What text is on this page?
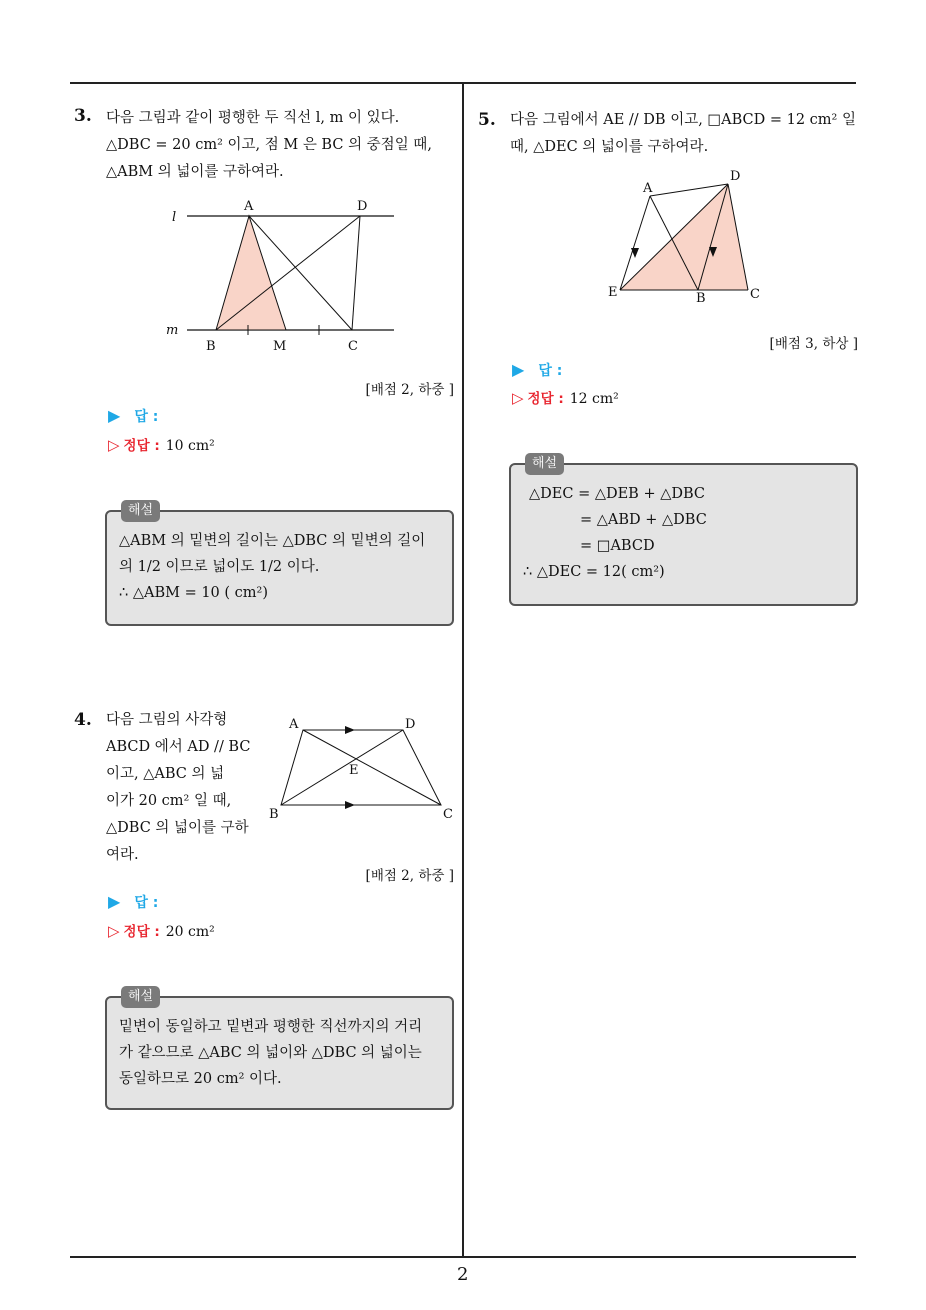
3. 다음 그림과 같이 평행한 두 직선 l, m 이 있다.

△DBC = 20 cm² 이고, 점 M 은 BC 의 중점일 때,

△ABM 의 넓이를 구하여라.

l
m
A	D
B	M	C
[배점 2, 하중 ]
▶ 답 :
▷ 정답 : 10 cm²
해설

△ABM 의 밑변의 길이는 △DBC 의 밑변의 길이

의 1/2 이므로 넓이도 1/2 이다.

∴ △ABM = 10 ( cm²)

4. 다음 그림의 사각형

ABCD 에서 AD // BC

이고, △ABC 의 넓

이가 20 cm² 일 때,

△DBC 의 넓이를 구하

여라.

A	D
E
B	C
[배점 2, 하중 ]
▶ 답 :
▷ 정답 : 20 cm²
해설

밑변이 동일하고 밑변과 평행한 직선까지의 거리

가 같으므로 △ABC 의 넓이와 △DBC 의 넓이는

동일하므로 20 cm² 이다.

5. 다음 그림에서 AE // DB 이고, □ABCD = 12 cm² 일

때, △DEC 의 넓이를 구하여라.

A
D
E	B	C
[배점 3, 하상 ]
▶ 답 :
▷ 정답 : 12 cm²
해설

△DEC = △DEB + △DBC

= △ABD + △DBC

= □ABCD

∴ △DEC = 12( cm²)

2
